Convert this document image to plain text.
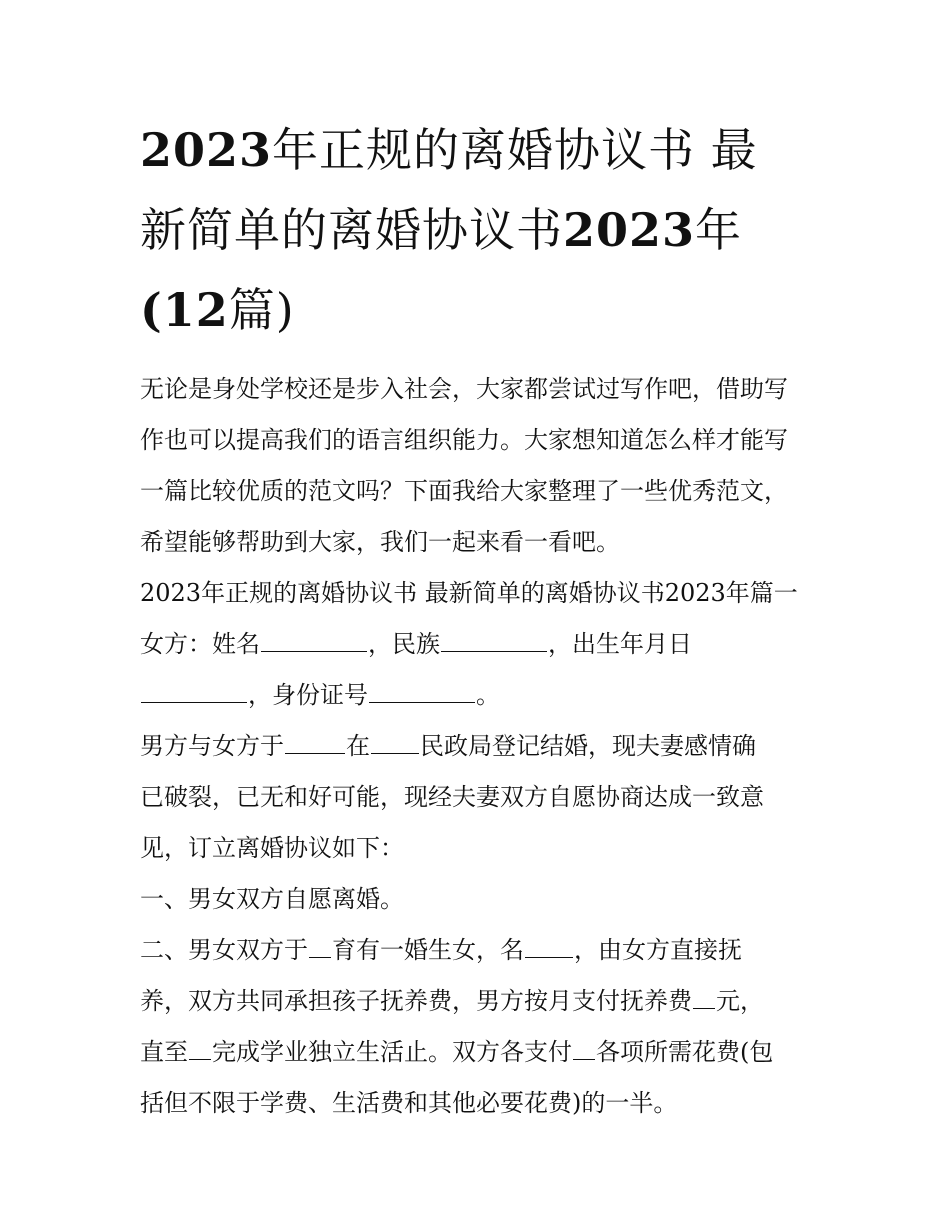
2023年正规的离婚协议书 最
新简单的离婚协议书2023年
(12篇)

无论是身处学校还是步入社会，大家都尝试过写作吧，借助写
作也可以提高我们的语言组织能力。大家想知道怎么样才能写
一篇比较优质的范文吗？下面我给大家整理了一些优秀范文，
希望能够帮助到大家，我们一起来看一看吧。

2023年正规的离婚协议书 最新简单的离婚协议书2023年篇一

女方：姓名	，民族	，出生年月日
，身份证号	。

男方与女方于	在 民政局登记结婚，现夫妻感情确
已破裂，已无和好可能，现经夫妻双方自愿协商达成一致意
见，订立离婚协议如下：

一、男女双方自愿离婚。

二、男女双方于 育有一婚生女，名 ，由女方直接抚
养，双方共同承担孩子抚养费，男方按月支付抚养费 元，
直至 完成学业独立生活止。双方各支付 各项所需花费(包
括但不限于学费、生活费和其他必要花费)的一半。
